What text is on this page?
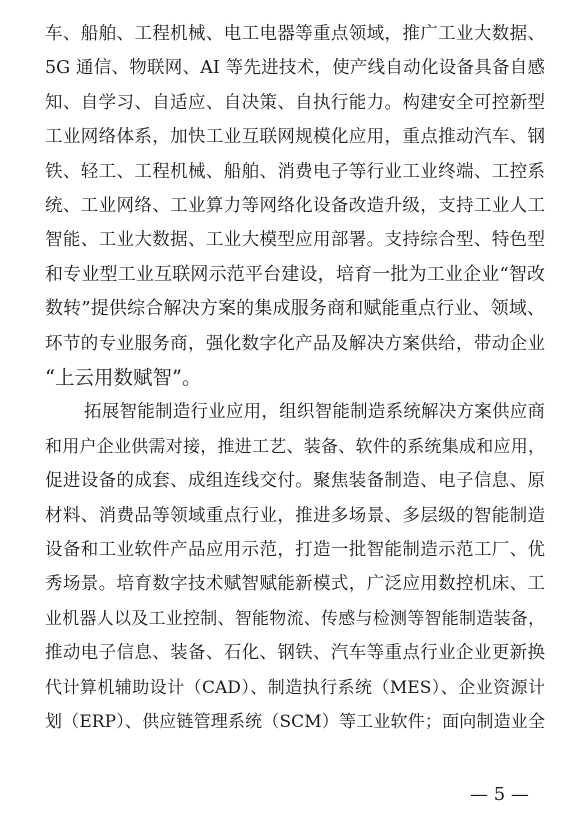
车、船舶、工程机械、电工电器等重点领域，推广工业大数据、
5G 通信、物联网、AI 等先进技术，使产线自动化设备具备自感
知、自学习、自适应、自决策、自执行能力。构建安全可控新型
工业网络体系，加快工业互联网规模化应用，重点推动汽车、钢
铁、轻工、工程机械、船舶、消费电子等行业工业终端、工控系
统、工业网络、工业算力等网络化设备改造升级，支持工业人工
智能、工业大数据、工业大模型应用部署。支持综合型、特色型
和专业型工业互联网示范平台建设，培育一批为工业企业“智改
数转”提供综合解决方案的集成服务商和赋能重点行业、领域、
环节的专业服务商，强化数字化产品及解决方案供给，带动企业
“上云用数赋智”。
拓展智能制造行业应用，组织智能制造系统解决方案供应商
和用户企业供需对接，推进工艺、装备、软件的系统集成和应用，
促进设备的成套、成组连线交付。聚焦装备制造、电子信息、原
材料、消费品等领域重点行业，推进多场景、多层级的智能制造
设备和工业软件产品应用示范，打造一批智能制造示范工厂、优
秀场景。培育数字技术赋智赋能新模式，广泛应用数控机床、工
业机器人以及工业控制、智能物流、传感与检测等智能制造装备，
推动电子信息、装备、石化、钢铁、汽车等重点行业企业更新换
代计算机辅助设计（CAD）、制造执行系统（MES）、企业资源计
划（ERP）、供应链管理系统（SCM）等工业软件；面向制造业全
— 5 —
